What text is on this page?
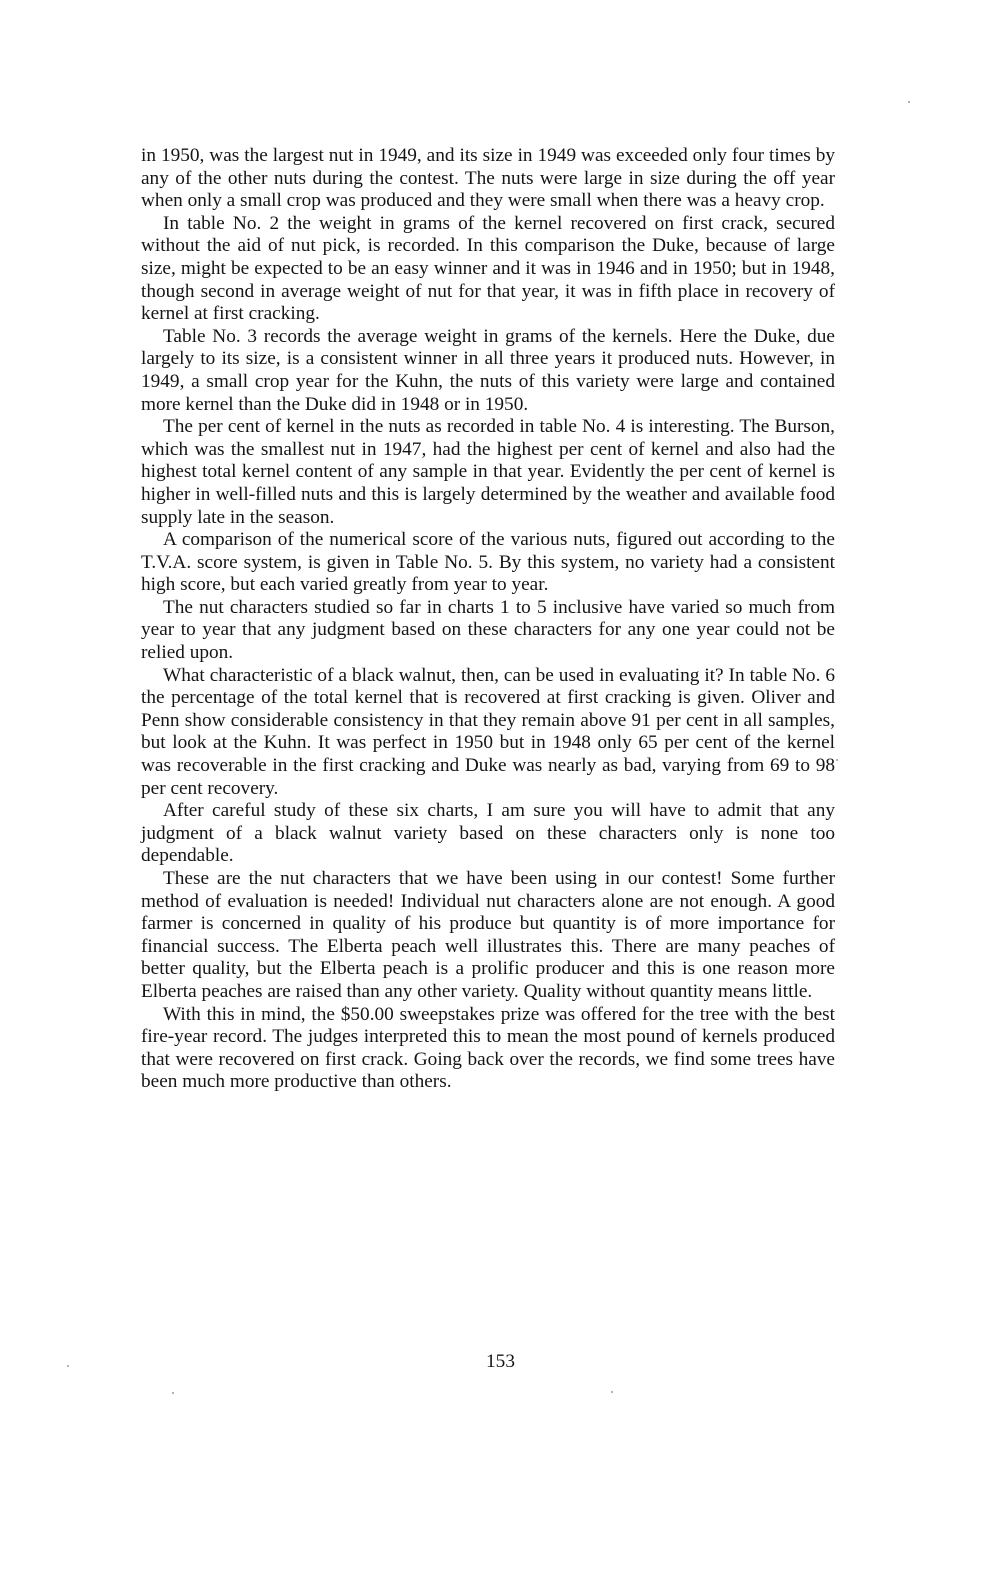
in 1950, was the largest nut in 1949, and its size in 1949 was exceeded only four times by any of the other nuts during the contest. The nuts were large in size during the off year when only a small crop was produced and they were small when there was a heavy crop.

In table No. 2 the weight in grams of the kernel recovered on first crack, secured without the aid of nut pick, is recorded. In this comparison the Duke, because of large size, might be expected to be an easy winner and it was in 1946 and in 1950; but in 1948, though second in average weight of nut for that year, it was in fifth place in recovery of kernel at first cracking.

Table No. 3 records the average weight in grams of the kernels. Here the Duke, due largely to its size, is a consistent winner in all three years it produced nuts. However, in 1949, a small crop year for the Kuhn, the nuts of this variety were large and contained more kernel than the Duke did in 1948 or in 1950.

The per cent of kernel in the nuts as recorded in table No. 4 is interesting. The Burson, which was the smallest nut in 1947, had the highest per cent of kernel and also had the highest total kernel content of any sample in that year. Evidently the per cent of kernel is higher in well-filled nuts and this is largely determined by the weather and available food supply late in the season.

A comparison of the numerical score of the various nuts, figured out according to the T.V.A. score system, is given in Table No. 5. By this system, no variety had a consistent high score, but each varied greatly from year to year.

The nut characters studied so far in charts 1 to 5 inclusive have varied so much from year to year that any judgment based on these characters for any one year could not be relied upon.

What characteristic of a black walnut, then, can be used in evaluating it? In table No. 6 the percentage of the total kernel that is recovered at first cracking is given. Oliver and Penn show considerable consistency in that they remain above 91 per cent in all samples, but look at the Kuhn. It was perfect in 1950 but in 1948 only 65 per cent of the kernel was recoverable in the first cracking and Duke was nearly as bad, varying from 69 to 98 per cent recovery.

After careful study of these six charts, I am sure you will have to admit that any judgment of a black walnut variety based on these characters only is none too dependable.

These are the nut characters that we have been using in our contest! Some further method of evaluation is needed! Individual nut characters alone are not enough. A good farmer is concerned in quality of his produce but quantity is of more importance for financial success. The Elberta peach well illustrates this. There are many peaches of better quality, but the Elberta peach is a prolific producer and this is one reason more Elberta peaches are raised than any other variety. Quality without quantity means little.

With this in mind, the $50.00 sweepstakes prize was offered for the tree with the best fire-year record. The judges interpreted this to mean the most pound of kernels produced that were recovered on first crack. Going back over the records, we find some trees have been much more productive than others.

153
